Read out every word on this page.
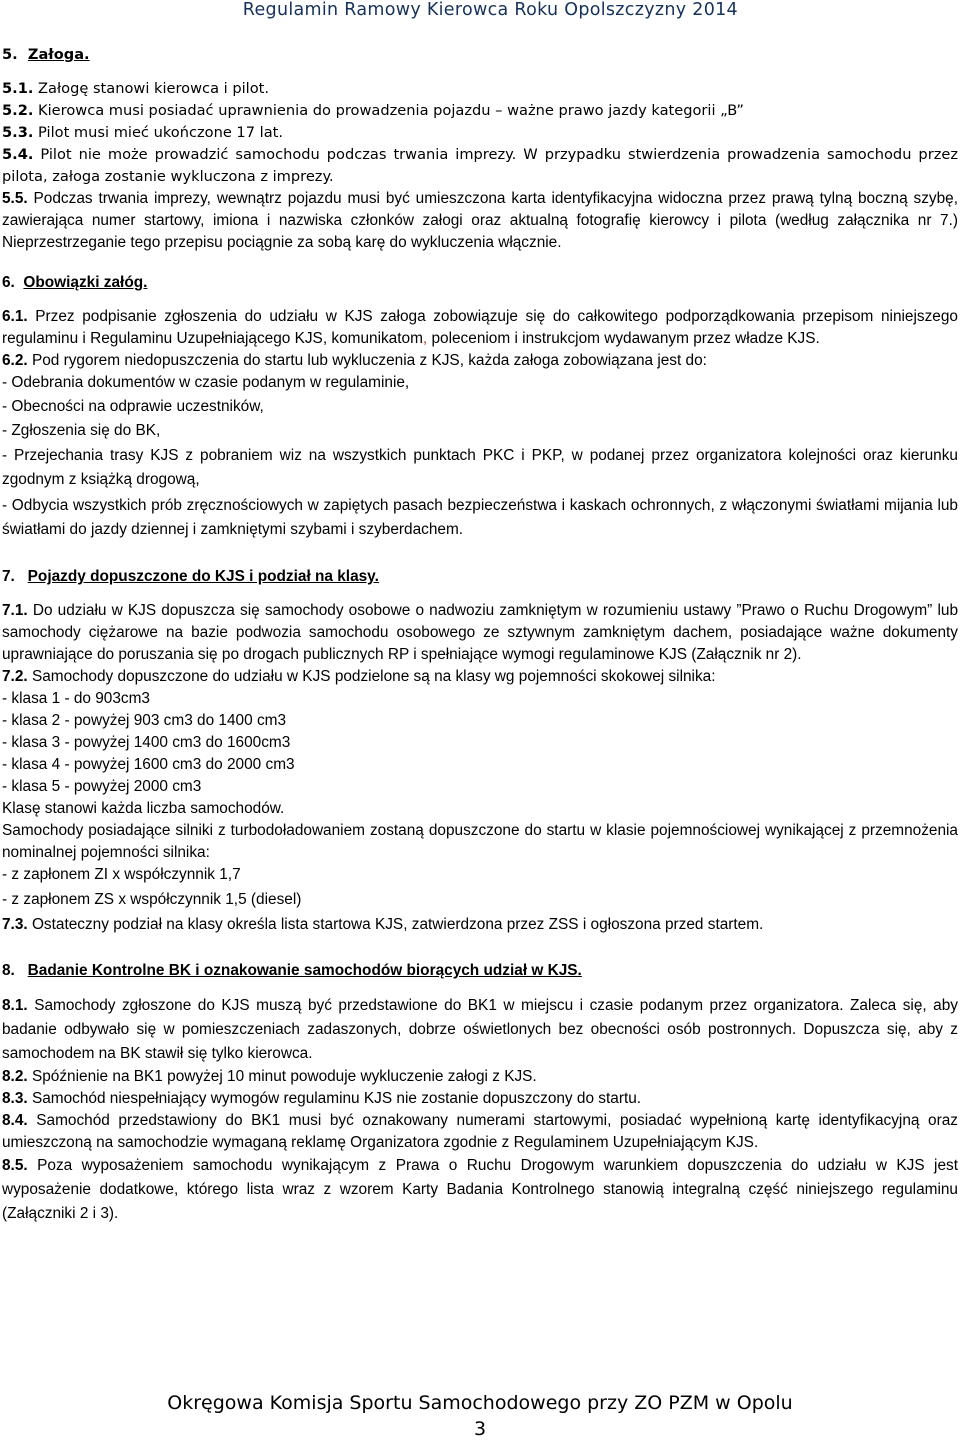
Regulamin Ramowy Kierowca Roku Opolszczyzny 2014

5. Załoga.

5.1. Załogę stanowi kierowca i pilot.

5.2. Kierowca musi posiadać uprawnienia do prowadzenia pojazdu – ważne prawo jazdy kategorii „B”

5.3. Pilot musi mieć ukończone 17 lat.

5.4. Pilot nie może prowadzić samochodu podczas trwania imprezy. W przypadku stwierdzenia prowadzenia samochodu przez pilota, załoga zostanie wykluczona z imprezy.

5.5. Podczas trwania imprezy, wewnątrz pojazdu musi być umieszczona karta identyfikacyjna widoczna przez prawą tylną boczną szybę, zawierająca numer startowy, imiona i nazwiska członków załogi oraz aktualną fotografię kierowcy i pilota (według załącznika nr 7.) Nieprzestrzeganie tego przepisu pociągnie za sobą karę do wykluczenia włącznie.

6. Obowiązki załóg.

6.1. Przez podpisanie zgłoszenia do udziału w KJS załoga zobowiązuje się do całkowitego podporządkowania przepisom niniejszego regulaminu i Regulaminu Uzupełniającego KJS, komunikatom, poleceniom i instrukcjom wydawanym przez władze KJS.

6.2. Pod rygorem niedopuszczenia do startu lub wykluczenia z KJS, każda załoga zobowiązana jest do:

- Odebrania dokumentów w czasie podanym w regulaminie,

- Obecności na odprawie uczestników,

- Zgłoszenia się do BK,

- Przejechania trasy KJS z pobraniem wiz na wszystkich punktach PKC i PKP, w podanej przez organizatora kolejności oraz kierunku zgodnym z książką drogową,

- Odbycia wszystkich prób zręcznościowych w zapiętych pasach bezpieczeństwa i kaskach ochronnych, z włączonymi światłami mijania lub światłami do jazdy dziennej i zamkniętymi szybami i szyberdachem.

7. Pojazdy dopuszczone do KJS i podział na klasy.

7.1. Do udziału w KJS dopuszcza się samochody osobowe o nadwoziu zamkniętym w rozumieniu ustawy ”Prawo o Ruchu Drogowym” lub samochody ciężarowe na bazie podwozia samochodu osobowego ze sztywnym zamkniętym dachem, posiadające ważne dokumenty uprawniające do poruszania się po drogach publicznych RP i spełniające wymogi regulaminowe KJS (Załącznik nr 2).

7.2. Samochody dopuszczone do udziału w KJS podzielone są na klasy wg pojemności skokowej silnika:

- klasa 1 - do 903cm3

- klasa 2 - powyżej 903 cm3 do 1400 cm3

- klasa 3 - powyżej 1400 cm3 do 1600cm3

- klasa 4 - powyżej 1600 cm3 do 2000 cm3

- klasa 5 - powyżej 2000 cm3

Klasę stanowi każda liczba samochodów.

Samochody posiadające silniki z turbodoładowaniem zostaną dopuszczone do startu w klasie pojemnościowej wynikającej z przemnożenia nominalnej pojemności silnika:

- z zapłonem ZI x współczynnik 1,7

- z zapłonem ZS x współczynnik 1,5 (diesel)

7.3. Ostateczny podział na klasy określa lista startowa KJS, zatwierdzona przez ZSS i ogłoszona przed startem.

8. Badanie Kontrolne BK i oznakowanie samochodów biorących udział w KJS.

8.1. Samochody zgłoszone do KJS muszą być przedstawione do BK1 w miejscu i czasie podanym przez organizatora. Zaleca się, aby badanie odbywało się w pomieszczeniach zadaszonych, dobrze oświetlonych bez obecności osób postronnych. Dopuszcza się, aby z samochodem na BK stawił się tylko kierowca.

8.2. Spóźnienie na BK1 powyżej 10 minut powoduje wykluczenie załogi z KJS.

8.3. Samochód niespełniający wymogów regulaminu KJS nie zostanie dopuszczony do startu.

8.4. Samochód przedstawiony do BK1 musi być oznakowany numerami startowymi, posiadać wypełnioną kartę identyfikacyjną oraz umieszczoną na samochodzie wymaganą reklamę Organizatora zgodnie z Regulaminem Uzupełniającym KJS.

8.5. Poza wyposażeniem samochodu wynikającym z Prawa o Ruchu Drogowym warunkiem dopuszczenia do udziału w KJS jest wyposażenie dodatkowe, którego lista wraz z wzorem Karty Badania Kontrolnego stanowią integralną część niniejszego regulaminu (Załączniki 2 i 3).

Okręgowa Komisja Sportu Samochodowego przy ZO PZM w Opolu
3
